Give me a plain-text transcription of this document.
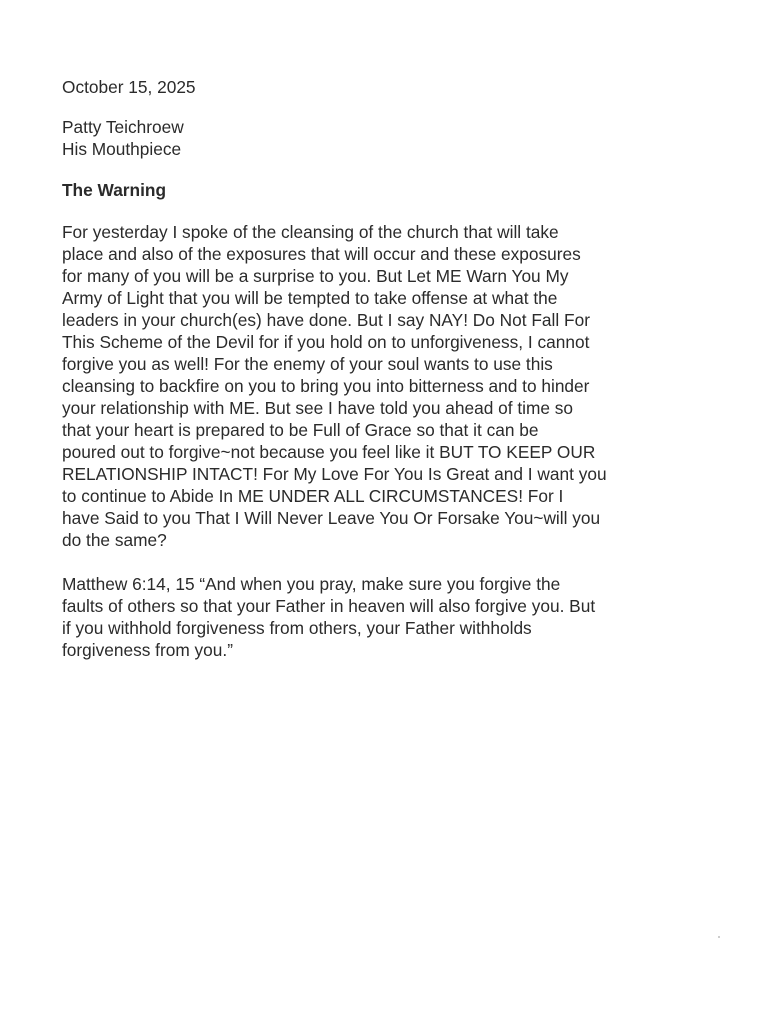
October 15, 2025

Patty Teichroew

His Mouthpiece

The Warning

For yesterday I spoke of the cleansing of the church that will take
place and also of the exposures that will occur and these exposures
for many of you will be a surprise to you. But Let ME Warn You My
Army of Light that you will be tempted to take offense at what the
leaders in your church(es) have done. But I say NAY! Do Not Fall For
This Scheme of the Devil for if you hold on to unforgiveness, I cannot
forgive you as well! For the enemy of your soul wants to use this
cleansing to backfire on you to bring you into bitterness and to hinder
your relationship with ME. But see I have told you ahead of time so
that your heart is prepared to be Full of Grace so that it can be
poured out to forgive~not because you feel like it BUT TO KEEP OUR
RELATIONSHIP INTACT! For My Love For You Is Great and I want you
to continue to Abide In ME UNDER ALL CIRCUMSTANCES! For I
have Said to you That I Will Never Leave You Or Forsake You~will you
do the same?

Matthew 6:14, 15 “And when you pray, make sure you forgive the
faults of others so that your Father in heaven will also forgive you. But
if you withhold forgiveness from others, your Father withholds
forgiveness from you.”
